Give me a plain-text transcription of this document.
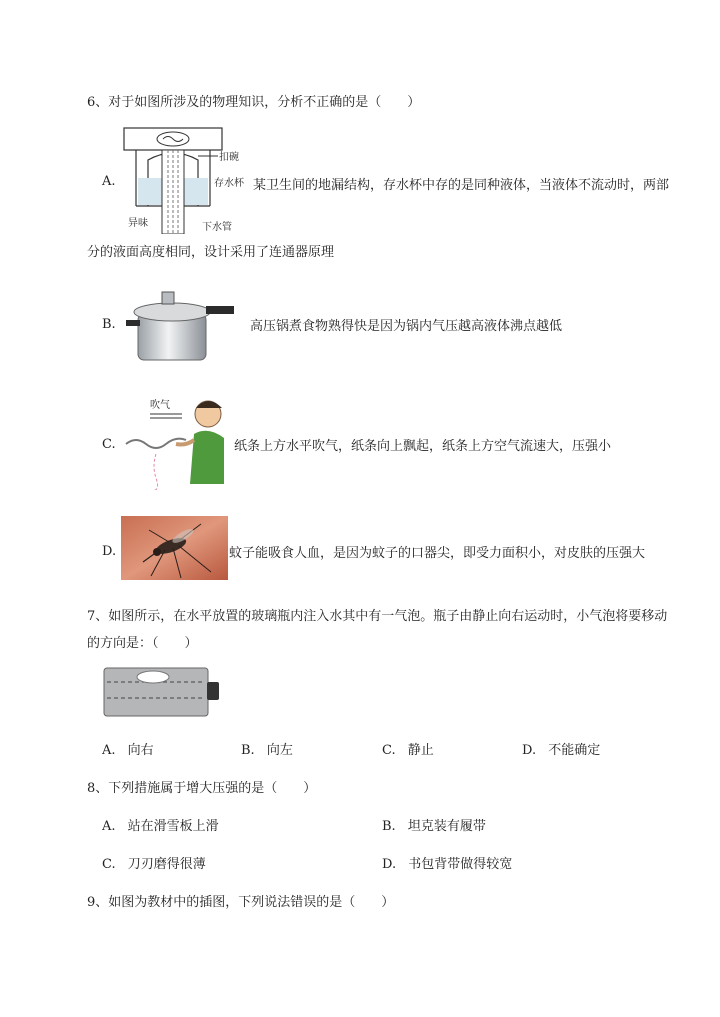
6、对于如图所涉及的物理知识，分析不正确的是（　　）
扣碗
存水杯
异味	下水管
A.	某卫生间的地漏结构，存水杯中存的是同种液体，当液体不流动时，两部
分的液面高度相同，设计采用了连通器原理
B.	高压锅煮食物熟得快是因为锅内气压越高液体沸点越低
吹气
C.	纸条上方水平吹气，纸条向上飘起，纸条上方空气流速大，压强小
D.	蚊子能吸食人血，是因为蚊子的口器尖，即受力面积小，对皮肤的压强大
7、如图所示，在水平放置的玻璃瓶内注入水其中有一气泡。瓶子由静止向右运动时，小气泡将要移动
的方向是：（　　）
A. 向右	B. 向左	C. 静止	D. 不能确定
8、下列措施属于增大压强的是（　　）
A. 站在滑雪板上滑	B. 坦克装有履带
C. 刀刃磨得很薄	D. 书包背带做得较宽
9、如图为教材中的插图，下列说法错误的是（　　）
